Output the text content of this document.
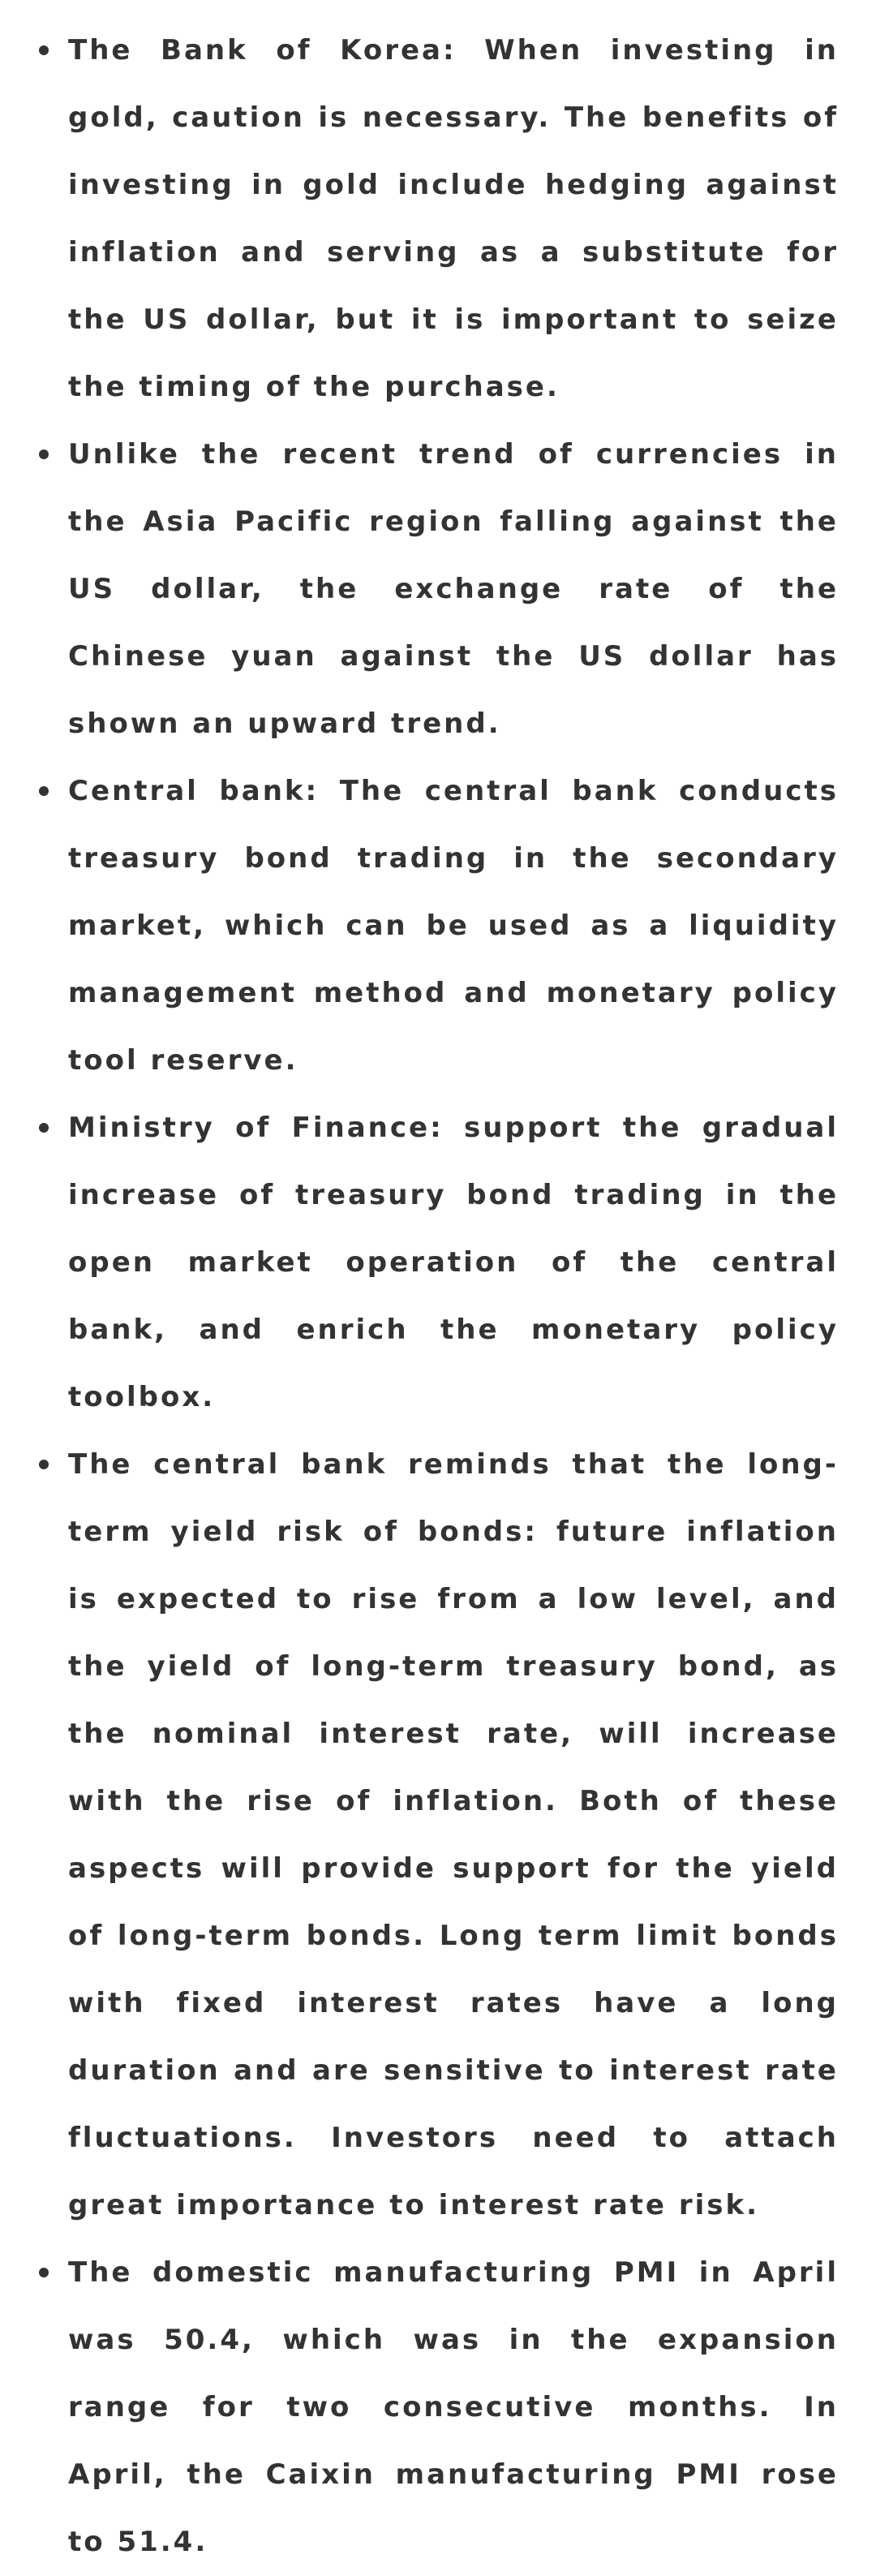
The Bank of Korea: When investing in gold, caution is necessary. The benefits of investing in gold include hedging against inflation and serving as a substitute for the US dollar, but it is important to seize the timing of the purchase.

Unlike the recent trend of currencies in the Asia Pacific region falling against the US dollar, the exchange rate of the Chinese yuan against the US dollar has shown an upward trend.

Central bank: The central bank conducts treasury bond trading in the secondary market, which can be used as a liquidity management method and monetary policy tool reserve.

Ministry of Finance: support the gradual increase of treasury bond trading in the open market operation of the central bank, and enrich the monetary policy toolbox.

The central bank reminds that the long-term yield risk of bonds: future inflation is expected to rise from a low level, and the yield of long-term treasury bond, as the nominal interest rate, will increase with the rise of inflation. Both of these aspects will provide support for the yield of long-term bonds. Long term limit bonds with fixed interest rates have a long duration and are sensitive to interest rate fluctuations. Investors need to attach great importance to interest rate risk.

The domestic manufacturing PMI in April was 50.4, which was in the expansion range for two consecutive months. In April, the Caixin manufacturing PMI rose to 51.4.
